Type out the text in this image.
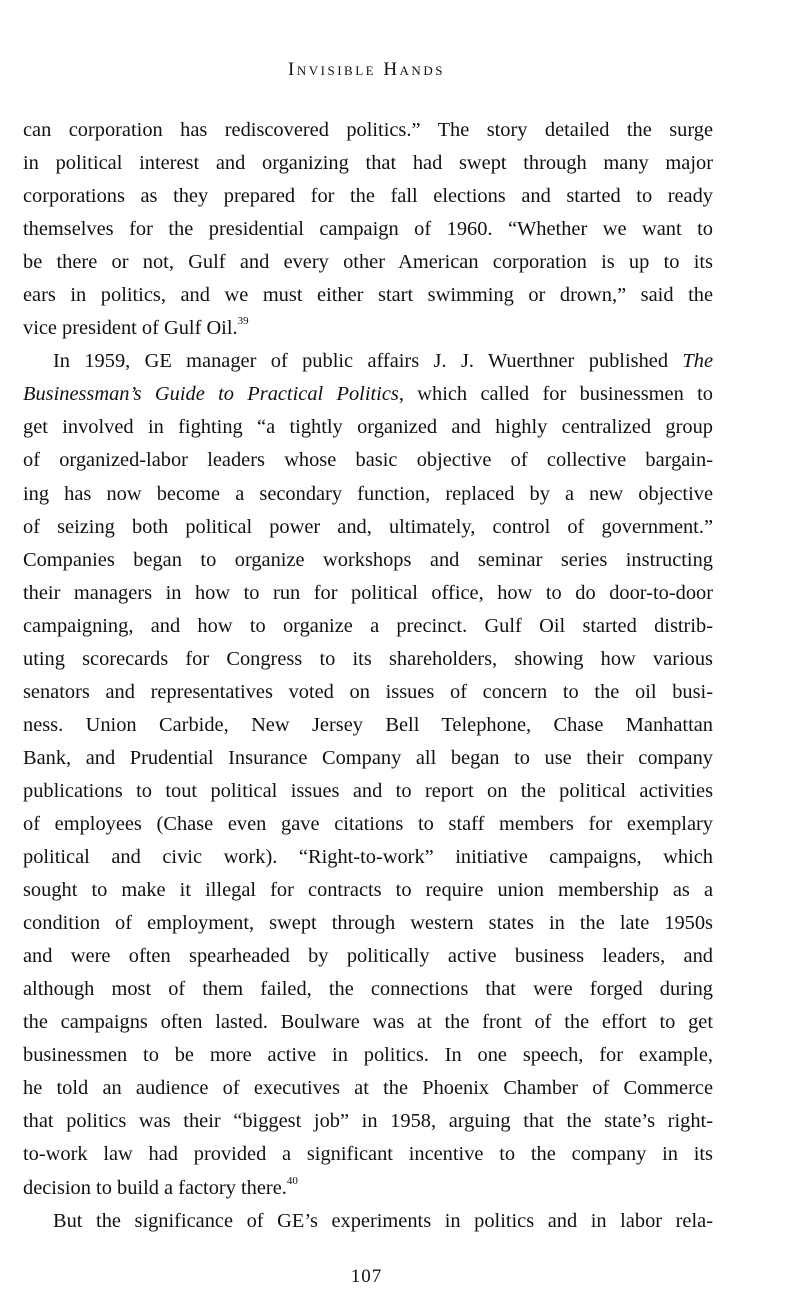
Invisible Hands
can corporation has rediscovered politics.” The story detailed the surge
in political interest and organizing that had swept through many major
corporations as they prepared for the fall elections and started to ready
themselves for the presidential campaign of 1960. “Whether we want to
be there or not, Gulf and every other American corporation is up to its
ears in politics, and we must either start swimming or drown,” said the
vice president of Gulf Oil.$^{39}$
In 1959, GE manager of public affairs J. J. Wuerthner published The
Businessman’s Guide to Practical Politics, which called for businessmen to
get involved in fighting “a tightly organized and highly centralized group
of organized-labor leaders whose basic objective of collective bargain-
ing has now become a secondary function, replaced by a new objective
of seizing both political power and, ultimately, control of government.”
Companies began to organize workshops and seminar series instructing
their managers in how to run for political office, how to do door-to-door
campaigning, and how to organize a precinct. Gulf Oil started distrib-
uting scorecards for Congress to its shareholders, showing how various
senators and representatives voted on issues of concern to the oil busi-
ness. Union Carbide, New Jersey Bell Telephone, Chase Manhattan
Bank, and Prudential Insurance Company all began to use their company
publications to tout political issues and to report on the political activities
of employees (Chase even gave citations to staff members for exemplary
political and civic work). “Right-to-work” initiative campaigns, which
sought to make it illegal for contracts to require union membership as a
condition of employment, swept through western states in the late 1950s
and were often spearheaded by politically active business leaders, and
although most of them failed, the connections that were forged during
the campaigns often lasted. Boulware was at the front of the effort to get
businessmen to be more active in politics. In one speech, for example,
he told an audience of executives at the Phoenix Chamber of Commerce
that politics was their “biggest job” in 1958, arguing that the state’s right-
to-work law had provided a significant incentive to the company in its
decision to build a factory there.$^{40}$
But the significance of GE’s experiments in politics and in labor rela-
107
